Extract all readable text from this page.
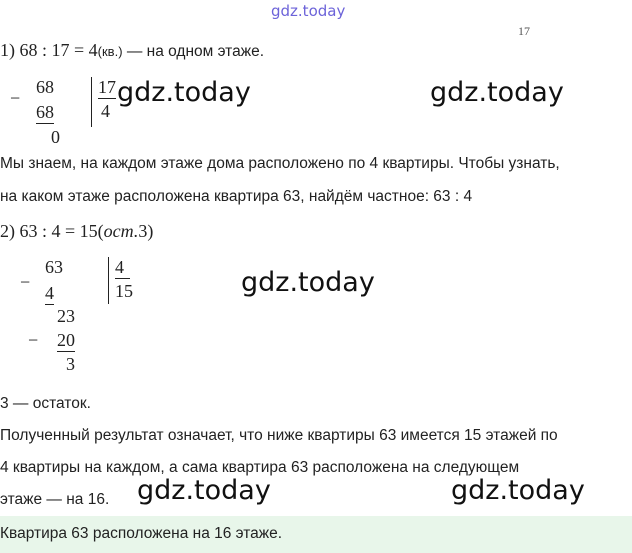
gdz.today
17
1) 68 : 17 = 4(кв.) — на одном этаже.
−
68
68
0
17
4
gdz.today	gdz.today
Мы знаем, на каждом этаже дома расположено по 4 квартиры. Чтобы узнать,
на каком этаже расположена квартира 63, найдём частное: 63 : 4
2) 63 : 4 = 15(ост.3)
−
63
4
23
− 20
3
4
15	gdz.today
3 — остаток.
Полученный результат означает, что ниже квартиры 63 имеется 15 этажей по
4 квартиры на каждом, а сама квартира 63 расположена на следующем
этаже — на 16. gdz.today	gdz.today
Квартира 63 расположена на 16 этаже.
